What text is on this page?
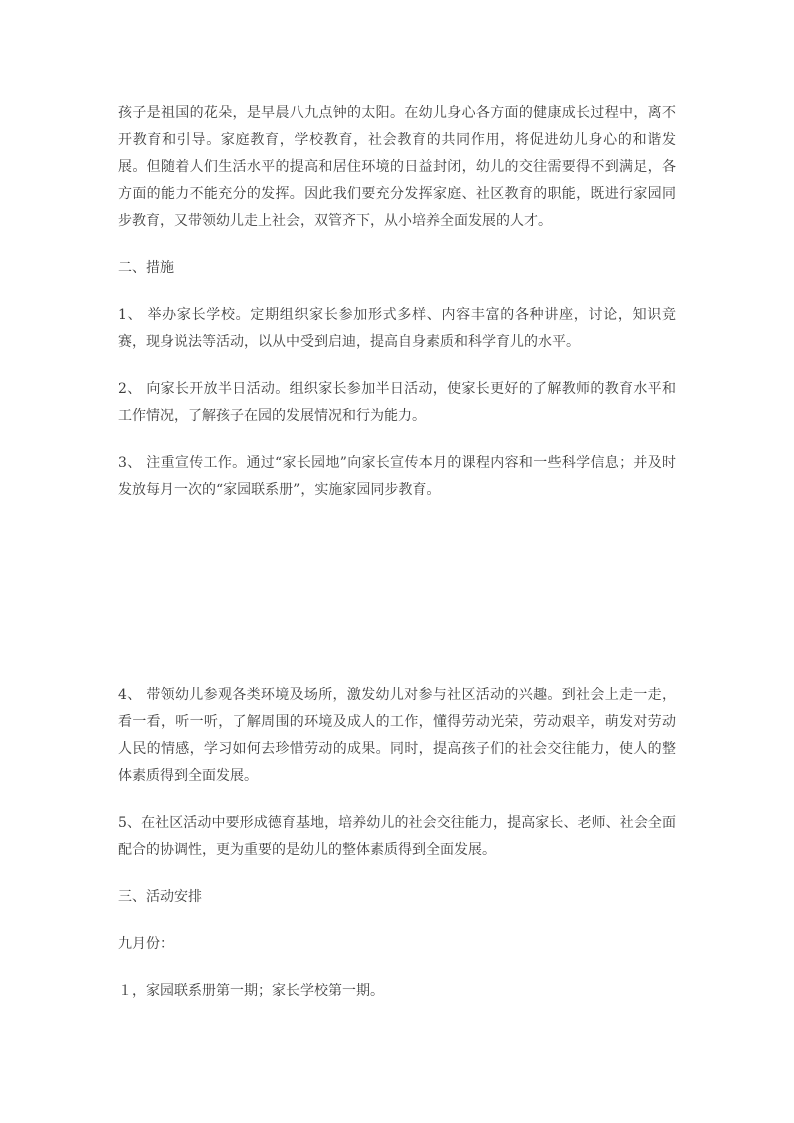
孩子是祖国的花朵，是早晨八九点钟的太阳。在幼儿身心各方面的健康成长过程中，离不开教育和引导。家庭教育，学校教育，社会教育的共同作用，将促进幼儿身心的和谐发展。但随着人们生活水平的提高和居住环境的日益封闭，幼儿的交往需要得不到满足，各方面的能力不能充分的发挥。因此我们要充分发挥家庭、社区教育的职能，既进行家园同步教育，又带领幼儿走上社会，双管齐下，从小培养全面发展的人才。

二、措施

1、 举办家长学校。定期组织家长参加形式多样、内容丰富的各种讲座，讨论，知识竞赛，现身说法等活动，以从中受到启迪，提高自身素质和科学育儿的水平。

2、 向家长开放半日活动。组织家长参加半日活动，使家长更好的了解教师的教育水平和工作情况，了解孩子在园的发展情况和行为能力。

3、 注重宣传工作。通过“家长园地”向家长宣传本月的课程内容和一些科学信息；并及时发放每月一次的“家园联系册”，实施家园同步教育。

4、 带领幼儿参观各类环境及场所，激发幼儿对参与社区活动的兴趣。到社会上走一走，看一看，听一听，了解周围的环境及成人的工作，懂得劳动光荣，劳动艰辛，萌发对劳动人民的情感，学习如何去珍惜劳动的成果。同时，提高孩子们的社会交往能力，使人的整体素质得到全面发展。

5、在社区活动中要形成德育基地，培养幼儿的社会交往能力，提高家长、老师、社会全面配合的协调性，更为重要的是幼儿的整体素质得到全面发展。

三、活动安排

九月份：

１，家园联系册第一期；家长学校第一期。
